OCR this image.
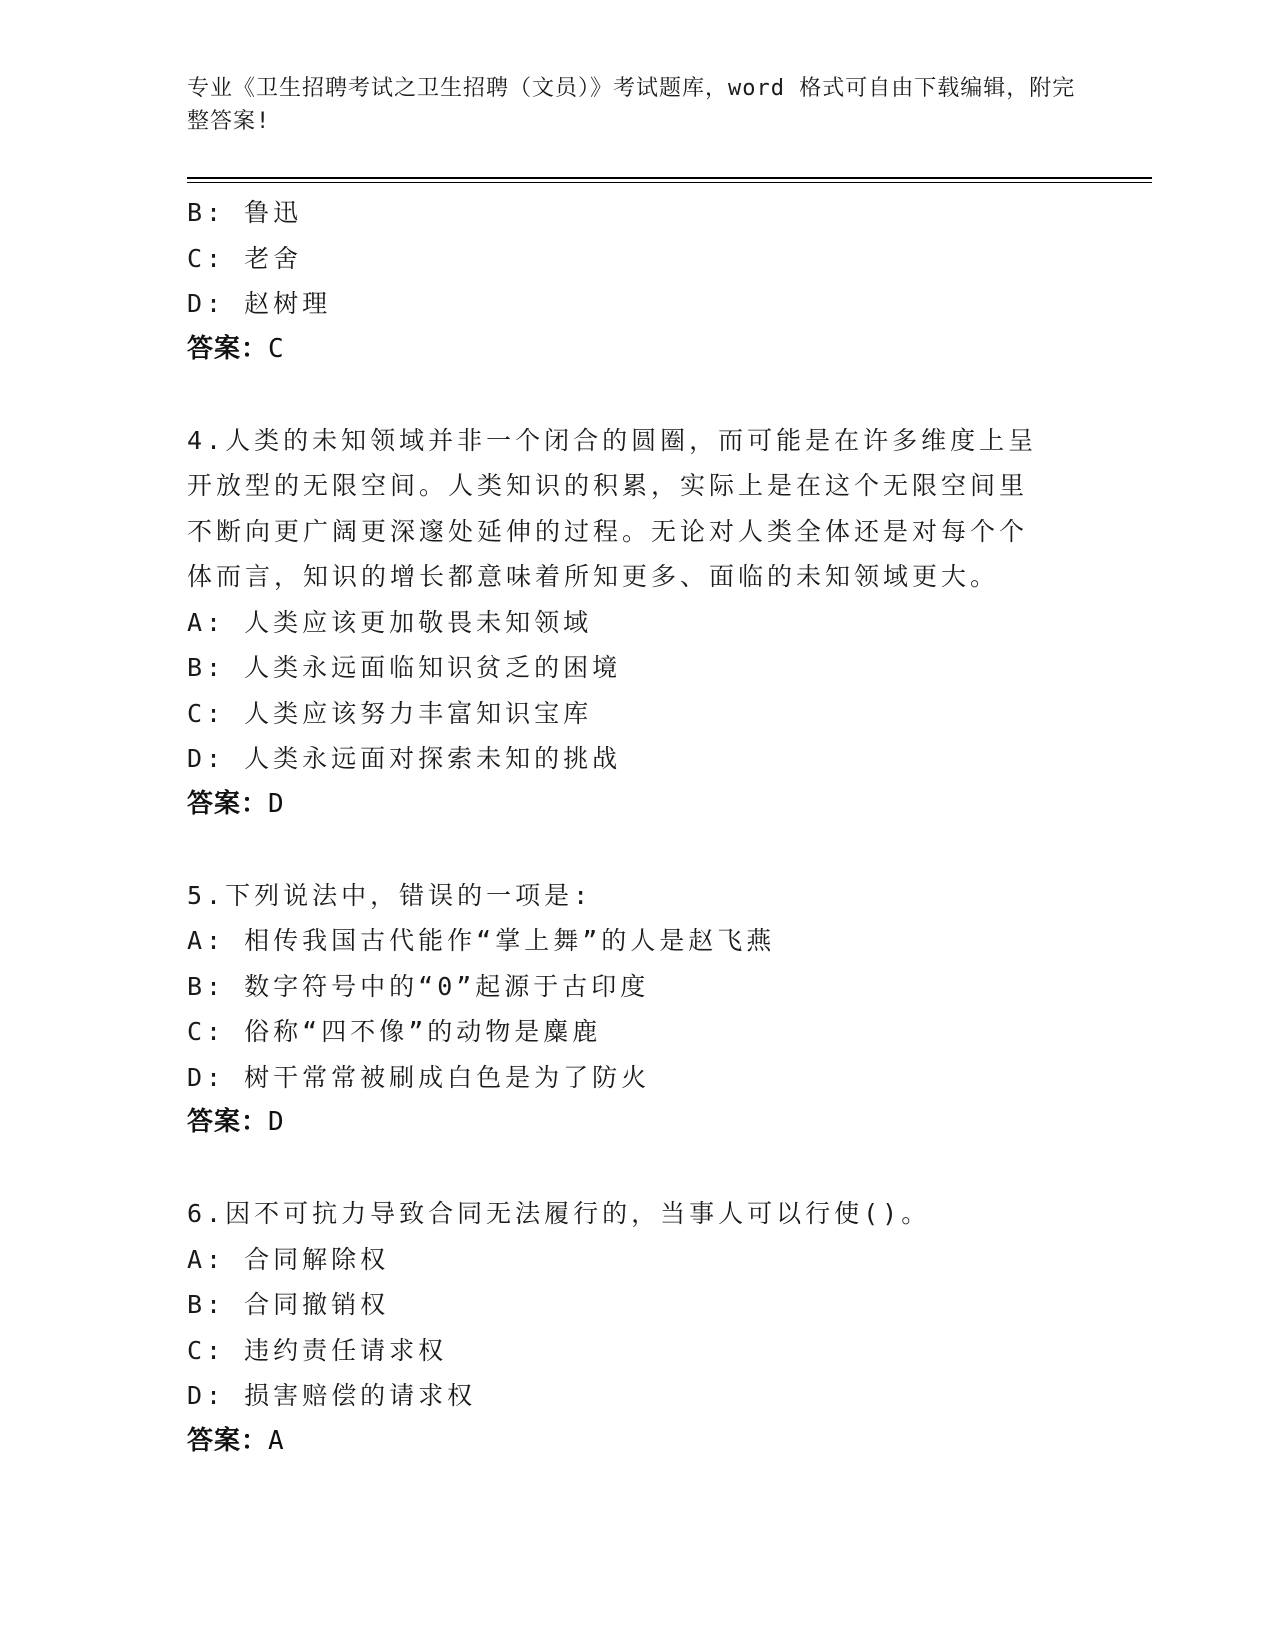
专业《卫生招聘考试之卫生招聘（文员）》考试题库，word 格式可自由下载编辑，附完整答案!
B: 鲁迅
C: 老舍
D: 赵树理
答案：C
4.人类的未知领域并非一个闭合的圆圈，而可能是在许多维度上呈开放型的无限空间。人类知识的积累，实际上是在这个无限空间里不断向更广阔更深邃处延伸的过程。无论对人类全体还是对每个个体而言，知识的增长都意味着所知更多、面临的未知领域更大。
A: 人类应该更加敬畏未知领域
B: 人类永远面临知识贫乏的困境
C: 人类应该努力丰富知识宝库
D: 人类永远面对探索未知的挑战
答案：D
5.下列说法中，错误的一项是:
A: 相传我国古代能作“掌上舞”的人是赵飞燕
B: 数字符号中的“0”起源于古印度
C: 俗称“四不像”的动物是麋鹿
D: 树干常常被刷成白色是为了防火
答案：D
6.因不可抗力导致合同无法履行的，当事人可以行使()。
A: 合同解除权
B: 合同撤销权
C: 违约责任请求权
D: 损害赔偿的请求权
答案：A
